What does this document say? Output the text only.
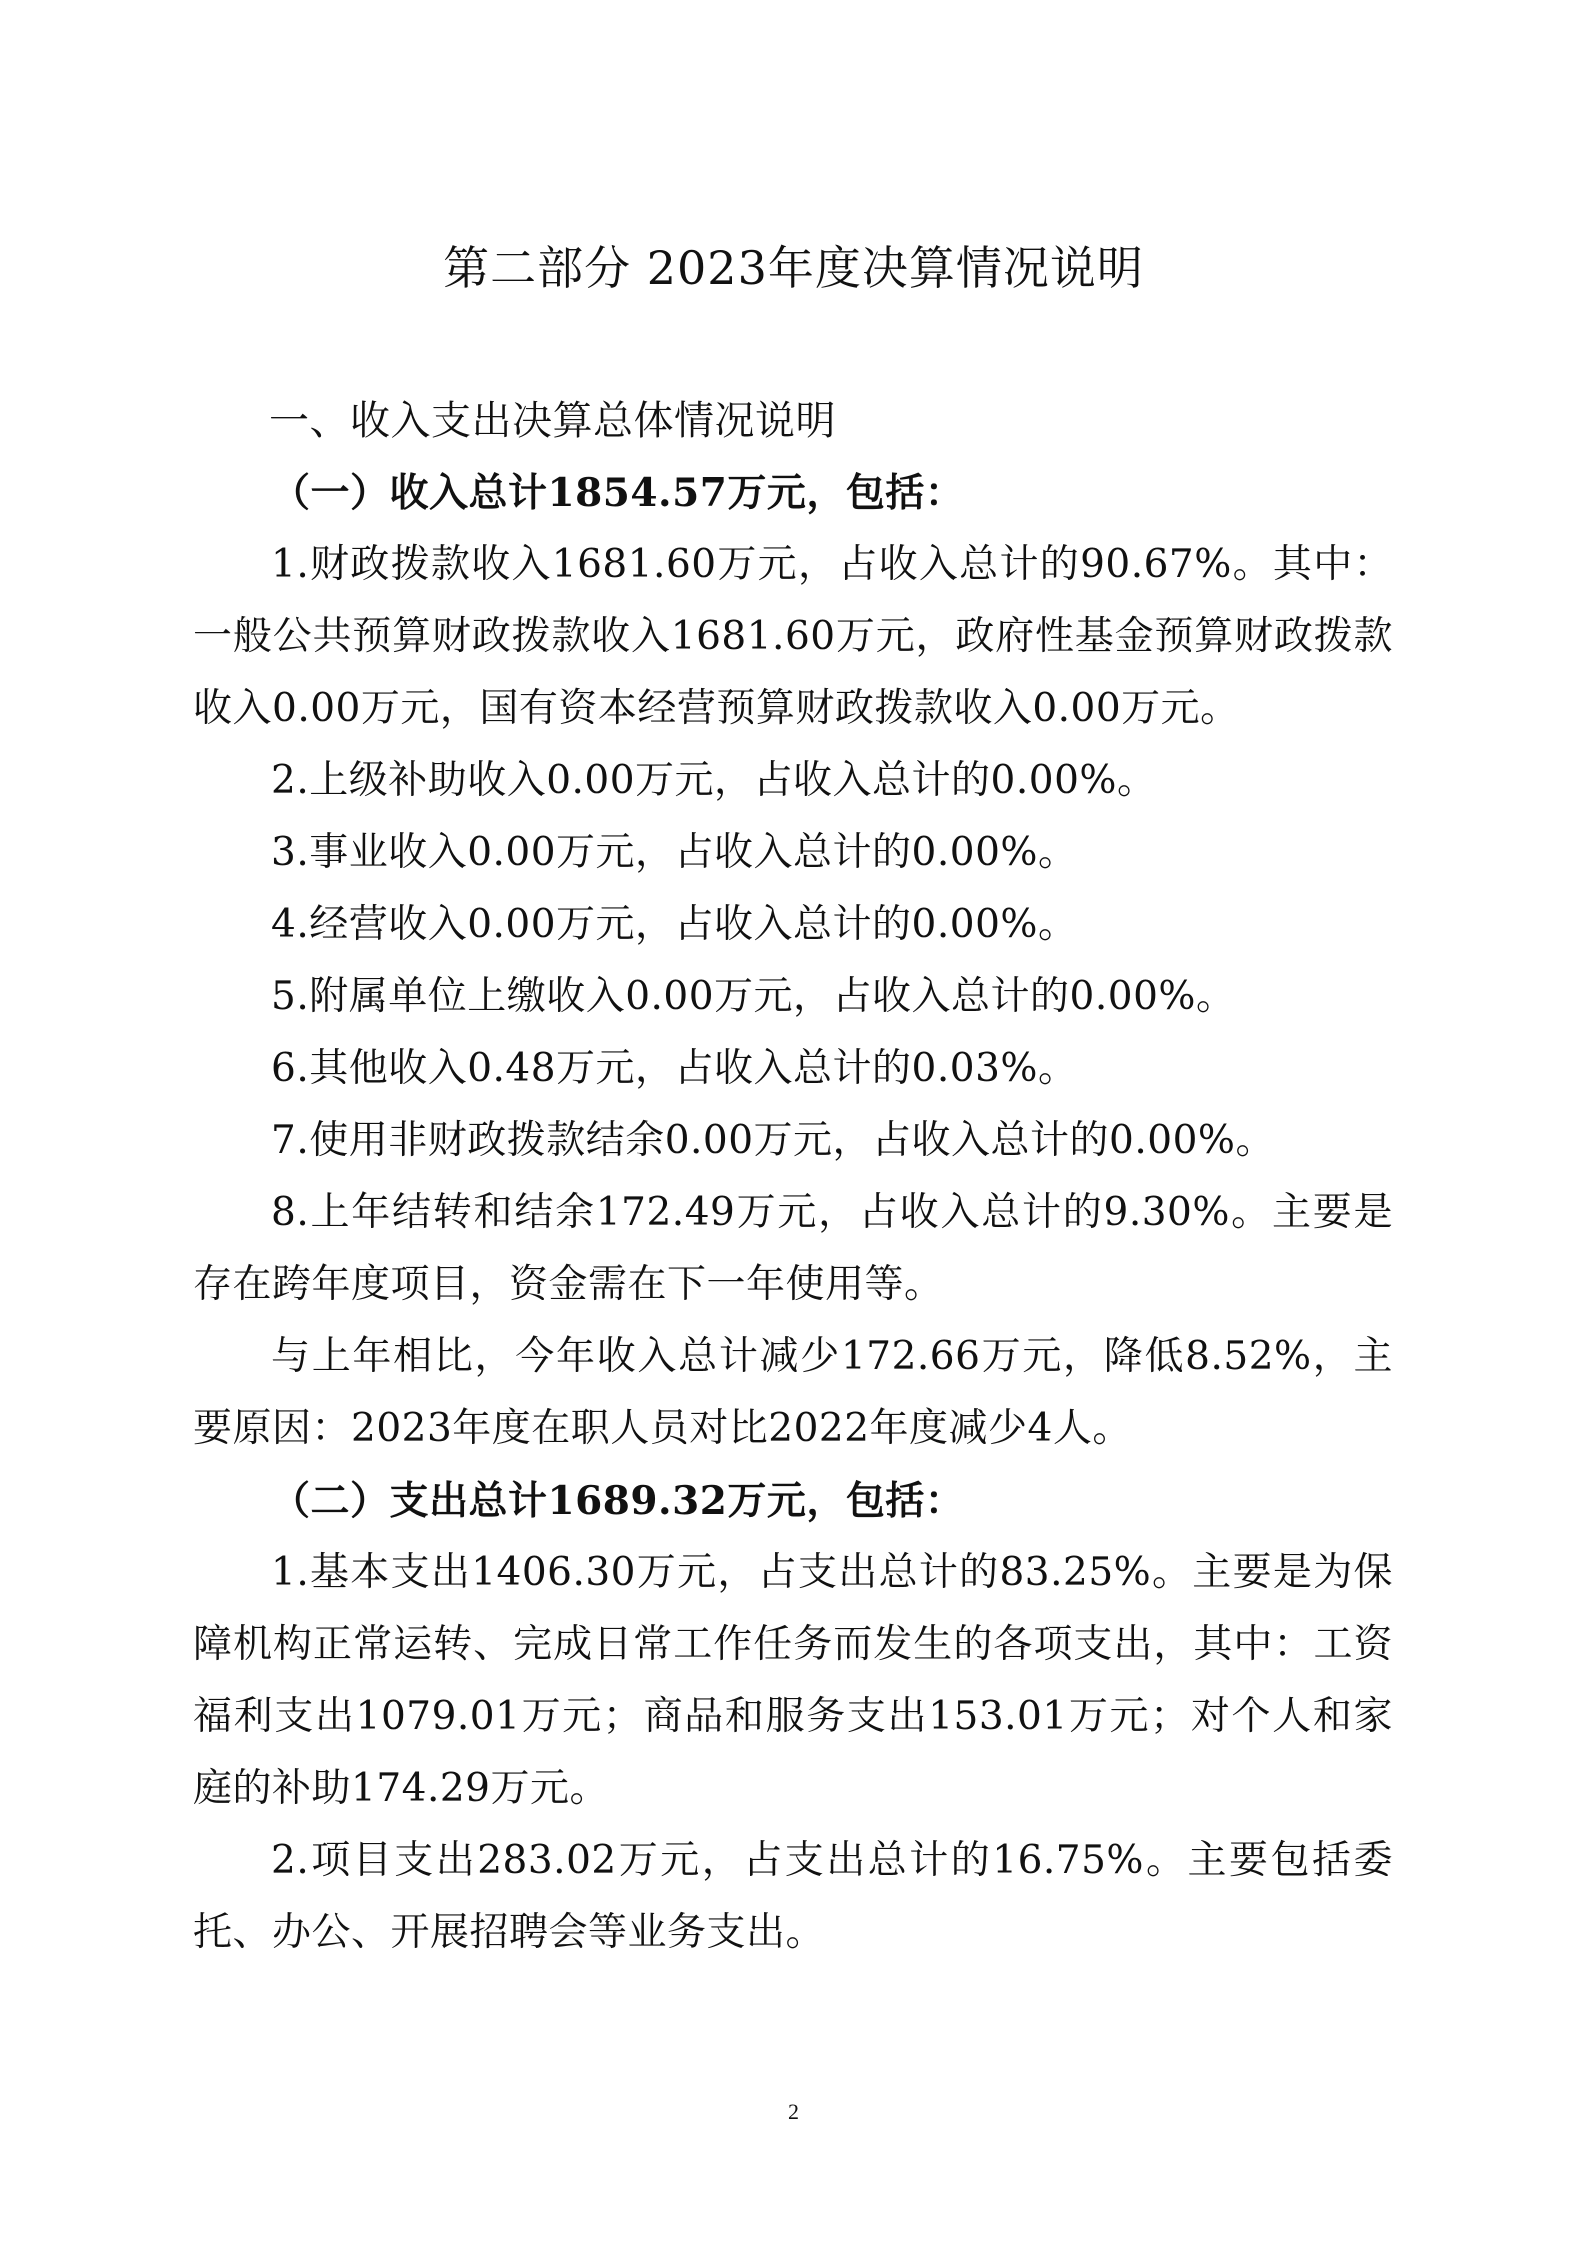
第二部分 2023年度决算情况说明

一、收入支出决算总体情况说明

（一）收入总计1854.57万元，包括：

1.财政拨款收入1681.60万元，占收入总计的90.67%。其中：一般公共预算财政拨款收入1681.60万元，政府性基金预算财政拨款收入0.00万元，国有资本经营预算财政拨款收入0.00万元。

2.上级补助收入0.00万元，占收入总计的0.00%。

3.事业收入0.00万元，占收入总计的0.00%。

4.经营收入0.00万元，占收入总计的0.00%。

5.附属单位上缴收入0.00万元，占收入总计的0.00%。

6.其他收入0.48万元，占收入总计的0.03%。

7.使用非财政拨款结余0.00万元，占收入总计的0.00%。

8.上年结转和结余172.49万元，占收入总计的9.30%。主要是存在跨年度项目，资金需在下一年使用等。

与上年相比，今年收入总计减少172.66万元，降低8.52%，主要原因：2023年度在职人员对比2022年度减少4人。

（二）支出总计1689.32万元，包括：

1.基本支出1406.30万元，占支出总计的83.25%。主要是为保障机构正常运转、完成日常工作任务而发生的各项支出，其中：工资福利支出1079.01万元；商品和服务支出153.01万元；对个人和家庭的补助174.29万元。

2.项目支出283.02万元，占支出总计的16.75%。主要包括委托、办公、开展招聘会等业务支出。

2
